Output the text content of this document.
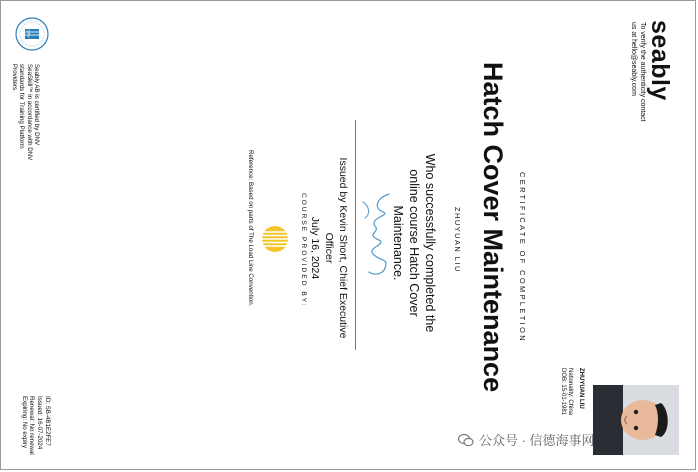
seably
To verify the authenticity contact us at hello@seably.com
CERTIFICATE OF COMPLETION
Hatch Cover Maintenance
ZHUYUAN LIU
Who successfully completed the online course Hatch Cover Maintenance.
COURSE PROVIDED BY:	Issued by Kevin Short, Chief Executive Officer
July 16, 2024
Reference: Based on parts of The Load Line Convention.
DNV
Seably AB is certified by DNV SeaSkill™ in accordance with DNV standards for Training Platform Providers.
ZHUYUAN LIU
Nationality: China
DOB: 15-01-1981
ID: SB-4B1E2FE7
Issued: 16-07-2024
Renewal: No renewal
Expiring: No expiry	公众号 · 信德海事网
